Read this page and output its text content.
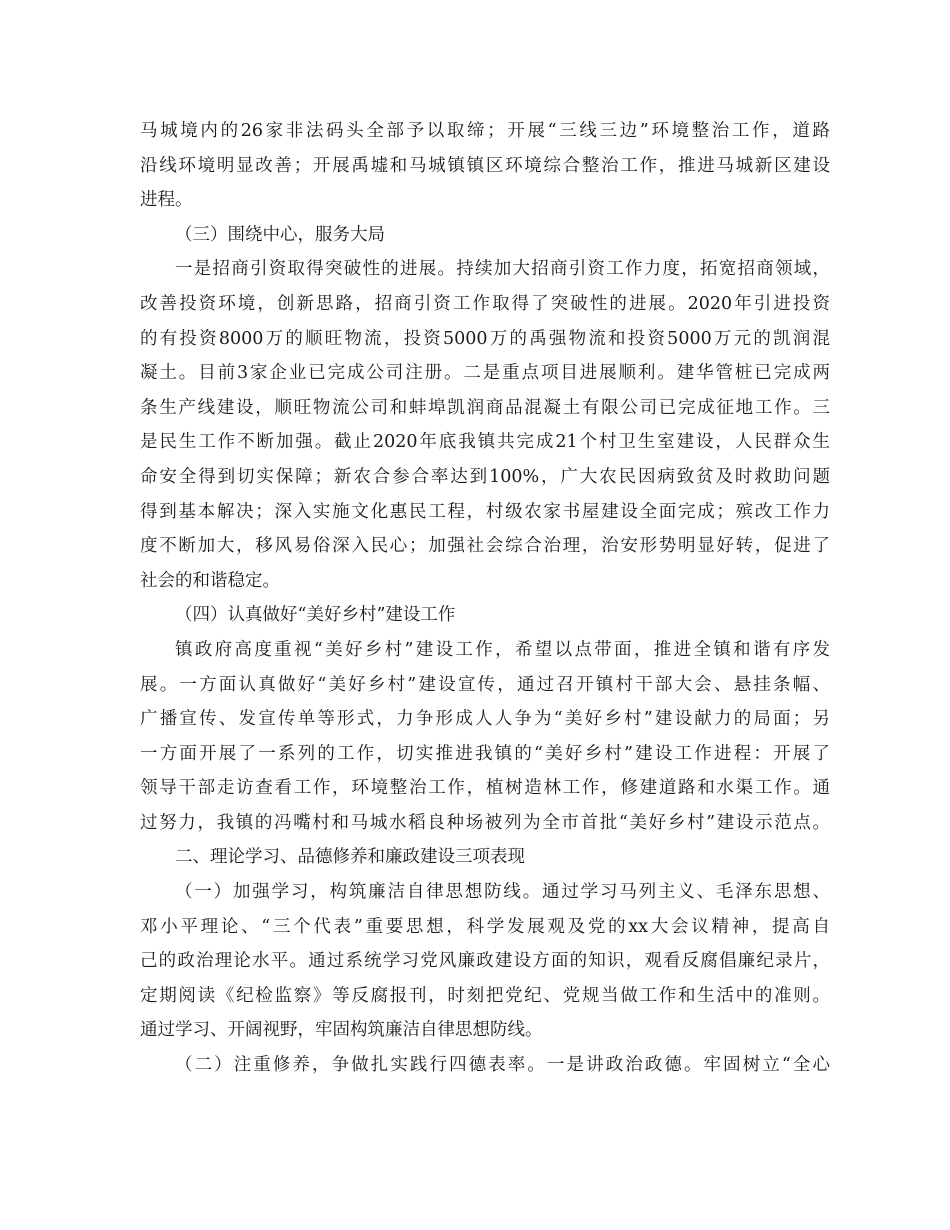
马城境内的26家非法码头全部予以取缔；开展“三线三边”环境整治工作，道路
沿线环境明显改善；开展禹墟和马城镇镇区环境综合整治工作，推进马城新区建设
进程。
（三）围绕中心，服务大局
一是招商引资取得突破性的进展。持续加大招商引资工作力度，拓宽招商领域，
改善投资环境，创新思路，招商引资工作取得了突破性的进展。2020年引进投资
的有投资8000万的顺旺物流，投资5000万的禹强物流和投资5000万元的凯润混
凝土。目前3家企业已完成公司注册。二是重点项目进展顺利。建华管桩已完成两
条生产线建设，顺旺物流公司和蚌埠凯润商品混凝土有限公司已完成征地工作。三
是民生工作不断加强。截止2020年底我镇共完成21个村卫生室建设，人民群众生
命安全得到切实保障；新农合参合率达到100%，广大农民因病致贫及时救助问题
得到基本解决；深入实施文化惠民工程，村级农家书屋建设全面完成；殡改工作力
度不断加大，移风易俗深入民心；加强社会综合治理，治安形势明显好转，促进了
社会的和谐稳定。
（四）认真做好“美好乡村”建设工作
镇政府高度重视“美好乡村”建设工作，希望以点带面，推进全镇和谐有序发
展。一方面认真做好“美好乡村”建设宣传，通过召开镇村干部大会、悬挂条幅、
广播宣传、发宣传单等形式，力争形成人人争为“美好乡村”建设献力的局面；另
一方面开展了一系列的工作，切实推进我镇的“美好乡村”建设工作进程：开展了
领导干部走访查看工作，环境整治工作，植树造林工作，修建道路和水渠工作。通
过努力，我镇的冯嘴村和马城水稻良种场被列为全市首批“美好乡村”建设示范点。
二、理论学习、品德修养和廉政建设三项表现
（一）加强学习，构筑廉洁自律思想防线。通过学习马列主义、毛泽东思想、
邓小平理论、“三个代表”重要思想，科学发展观及党的xx大会议精神，提高自
己的政治理论水平。通过系统学习党风廉政建设方面的知识，观看反腐倡廉纪录片，
定期阅读《纪检监察》等反腐报刊，时刻把党纪、党规当做工作和生活中的准则。
通过学习、开阔视野，牢固构筑廉洁自律思想防线。
（二）注重修养，争做扎实践行四德表率。一是讲政治政德。牢固树立“全心
